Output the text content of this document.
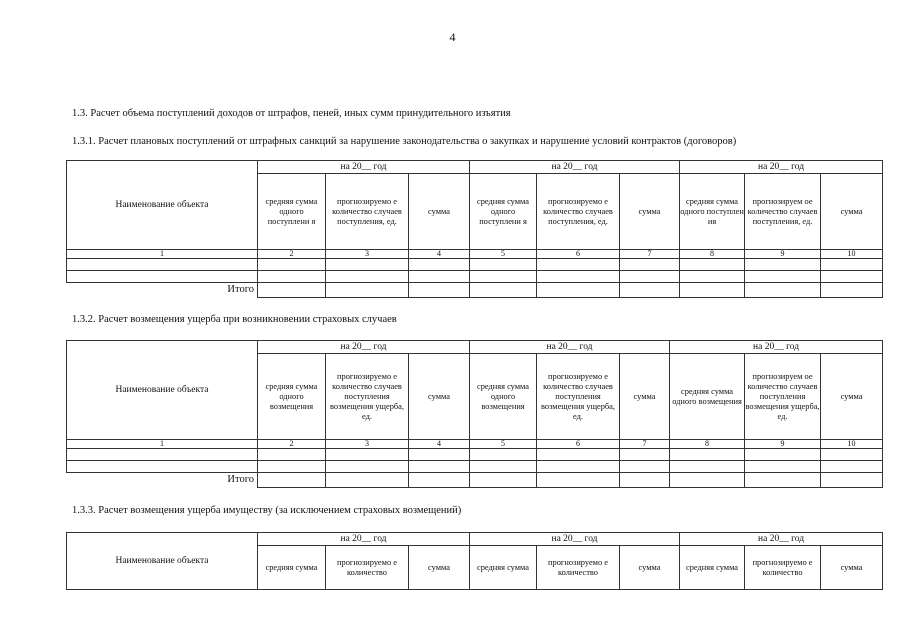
4
1.3. Расчет объема поступлений доходов от штрафов, пеней, иных сумм принудительного изъятия
1.3.1. Расчет плановых поступлений от штрафных санкций за нарушение законодательства о закупках и нарушение условий контрактов (договоров)
Наименование объекта	на 20__ год			на 20__ год			на 20__ год		
	средняя сумма одного поступлени я	прогнозируемо е количество случаев поступления, ед.	сумма	средняя сумма одного поступлени я	прогнозируемо е количество случаев поступления, ед.	сумма	средняя сумма одного поступлен ия	прогнозируем ое количество случаев поступления, ед.	сумма
1	2	3	4	5	6	7	8	9	10

Итого									
1.3.2. Расчет возмещения ущерба при возникновении страховых случаев
Наименование объекта	на 20__ год			на 20__ год			на 20__ год		
	средняя сумма одного возмещения	прогнозируемо е количество случаев поступления возмещения ущерба, ед.	сумма	средняя сумма одного возмещения	прогнозируемо е количество случаев поступления возмещения ущерба, ед.	сумма	средняя сумма одного возмещения	прогнозируем ое количество случаев поступления возмещения ущерба, ед.	сумма
1	2	3	4	5	6	7	8	9	10

Итого									
1.3.3. Расчет возмещения ущерба имуществу (за исключением страховых возмещений)
Наименование объекта	на 20__ год			на 20__ год			на 20__ год		
	средняя сумма	прогнозируемо е количество	сумма	средняя сумма	прогнозируемо е количество	сумма	средняя сумма	прогнозируемо е количество	сумма
